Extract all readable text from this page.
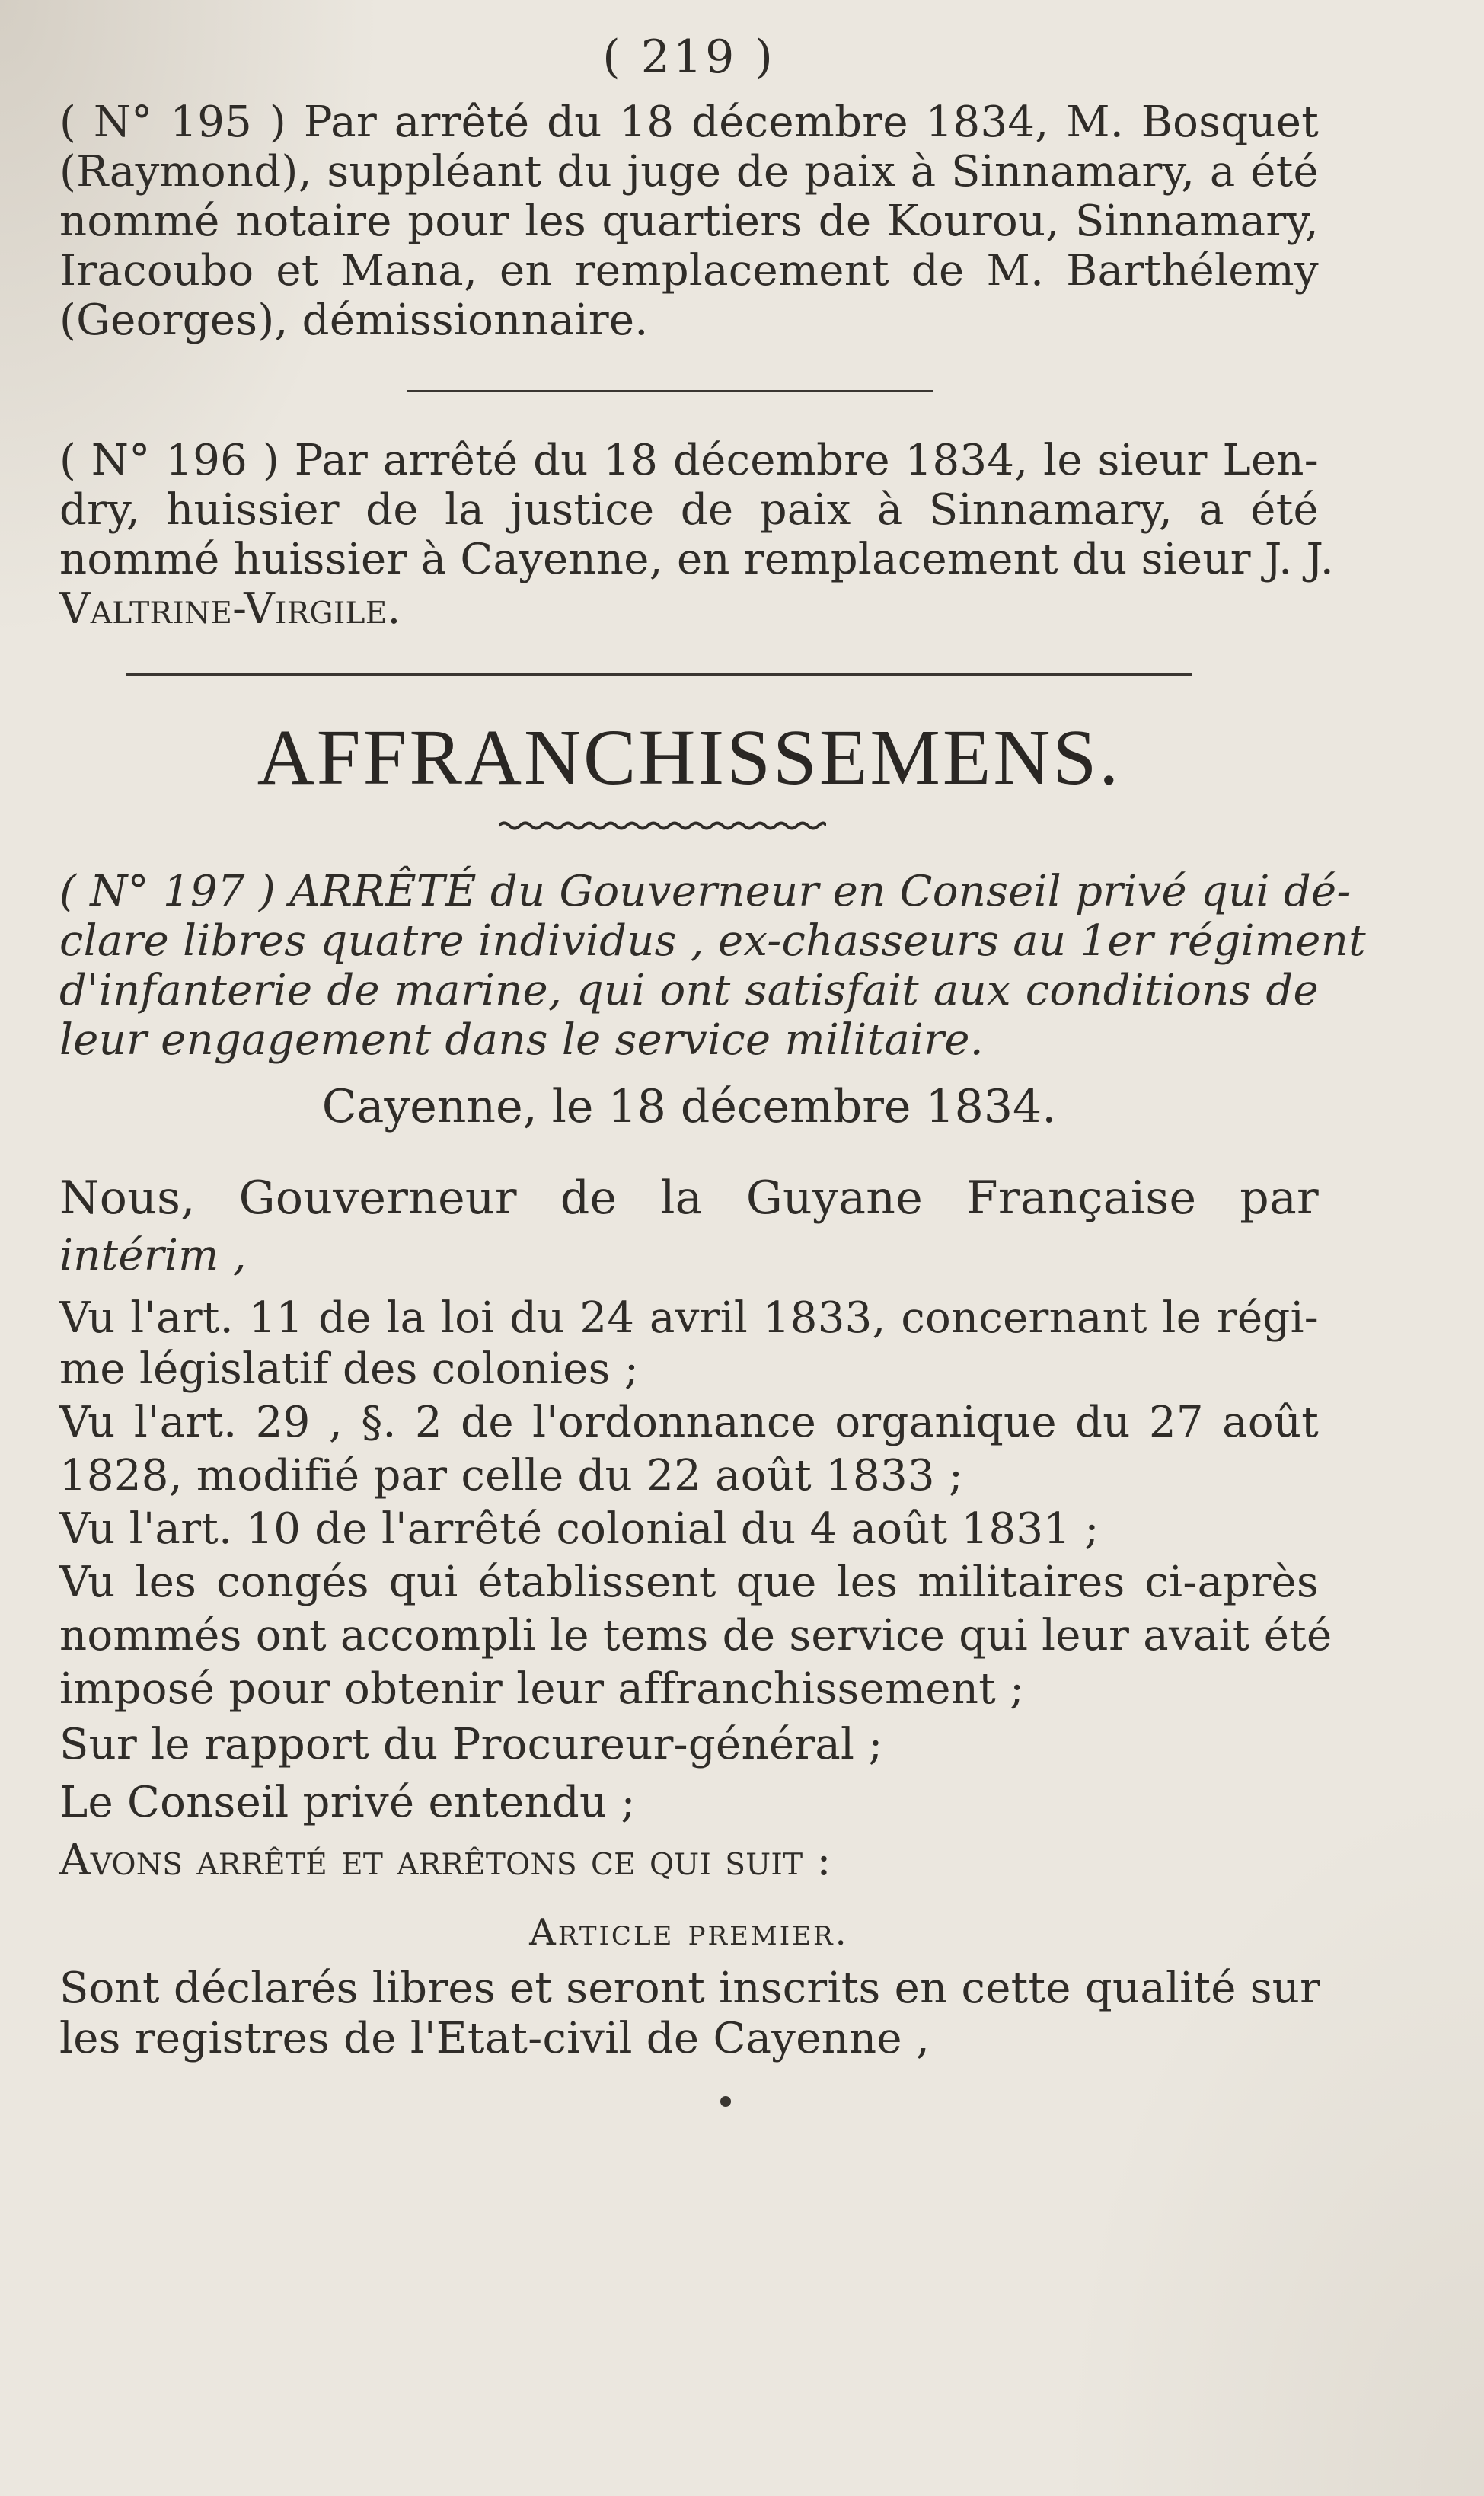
( 219 )
( N° 195 ) Par arrêté du 18 décembre 1834, M. Bosquet
(Raymond), suppléant du juge de paix à Sinnamary, a été
nommé notaire pour les quartiers de Kourou, Sinnamary,
Iracoubo et Mana, en remplacement de M. Barthélemy
(Georges), démissionnaire.
( N° 196 ) Par arrêté du 18 décembre 1834, le sieur Len-
dry, huissier de la justice de paix à Sinnamary, a été
nommé huissier à Cayenne, en remplacement du sieur J. J.
Valtrine-Virgile.
AFFRANCHISSEMENS.
( N° 197 ) ARRÊTÉ du Gouverneur en Conseil privé qui dé-
clare libres quatre individus , ex-chasseurs au 1er régiment
d'infanterie de marine, qui ont satisfait aux conditions de
leur engagement dans le service militaire.
Cayenne, le 18 décembre 1834.
Nous, Gouverneur de la Guyane Française par
intérim ,
Vu l'art. 11 de la loi du 24 avril 1833, concernant le régi-
me législatif des colonies ;
Vu l'art. 29 , §. 2 de l'ordonnance organique du 27 août
1828, modifié par celle du 22 août 1833 ;
Vu l'art. 10 de l'arrêté colonial du 4 août 1831 ;
Vu les congés qui établissent que les militaires ci-après
nommés ont accompli le tems de service qui leur avait été
imposé pour obtenir leur affranchissement ;
Sur le rapport du Procureur-général ;
Le Conseil privé entendu ;
Avons arrêté et arrêtons ce qui suit :
Article premier.
Sont déclarés libres et seront inscrits en cette qualité sur
les registres de l'Etat-civil de Cayenne ,
